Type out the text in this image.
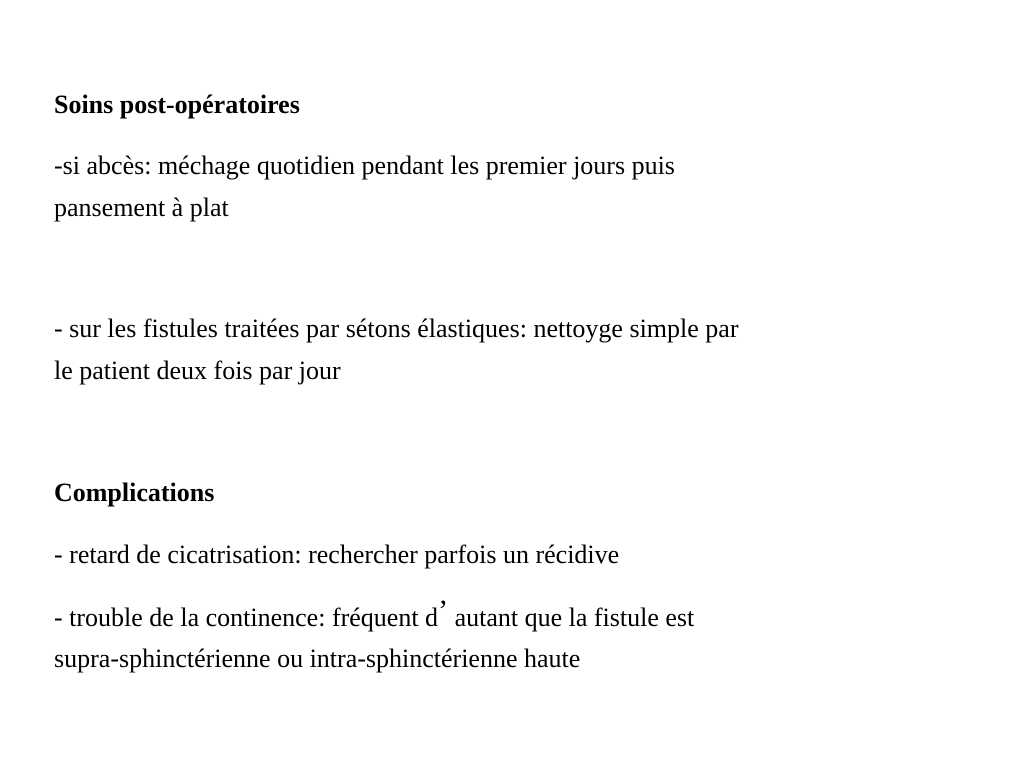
Soins post-opératoires
-si abcès: méchage quotidien pendant les premier jours puis
pansement à plat
- sur les fistules traitées par sétons élastiques: nettoyge simple par
le patient deux fois par jour
Complications
- retard de cicatrisation: rechercher parfois un récidive
- trouble de la continence: fréquent d’ autant que la fistule est
supra-sphinctérienne ou intra-sphinctérienne haute
